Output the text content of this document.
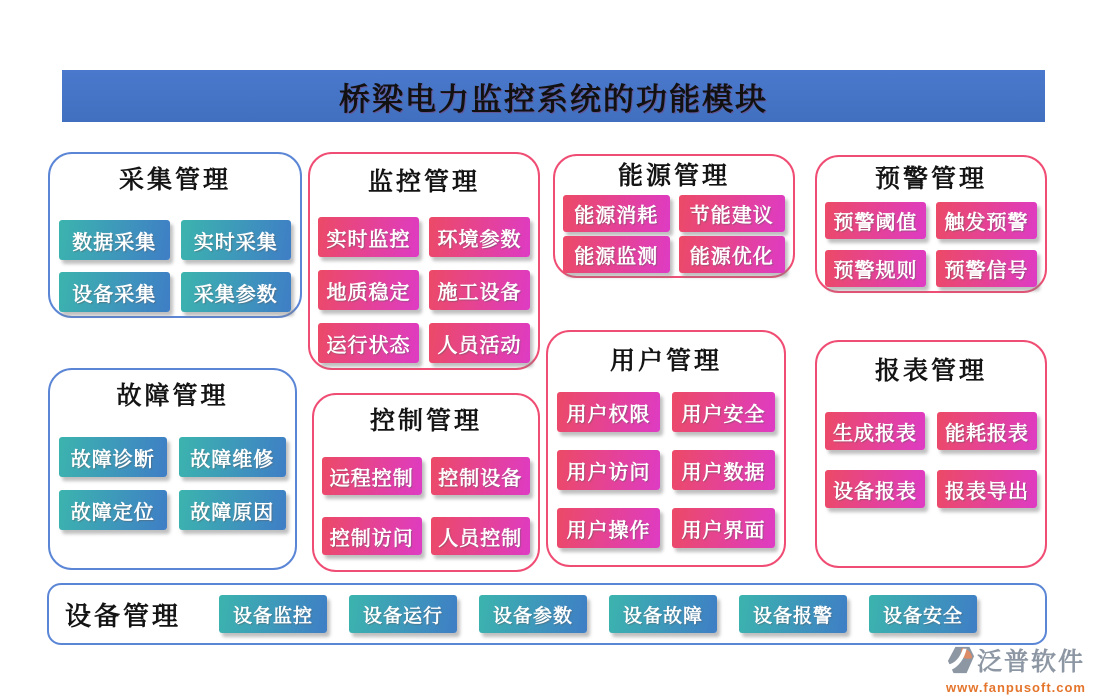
桥梁电力监控系统的功能模块
采集管理
数据采集	实时采集
设备采集	采集参数
监控管理
实时监控	环境参数
地质稳定	施工设备
运行状态	人员活动
能源管理
能源消耗	节能建议
能源监测	能源优化
预警管理
预警阈值	触发预警
预警规则	预警信号
故障管理
故障诊断	故障维修
故障定位	故障原因
控制管理
远程控制	控制设备
控制访问	人员控制
用户管理
用户权限	用户安全
用户访问	用户数据
用户操作	用户界面
报表管理
生成报表	能耗报表
设备报表	报表导出
设备管理	设备监控	设备运行	设备参数	设备故障	设备报警	设备安全
泛普软件
www.fanpusoft.com
